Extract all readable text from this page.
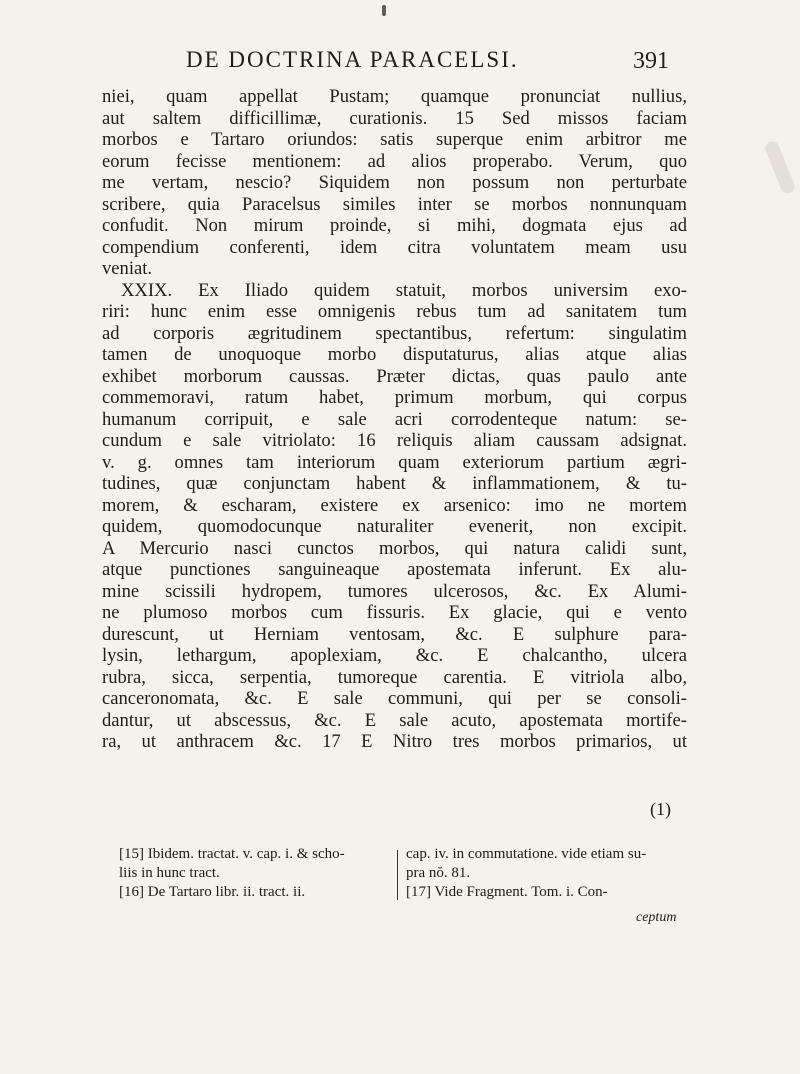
DE DOCTRINA PARACELSI.	391
niei, quam appellat Pustam; quamque pronunciat nullius,
aut saltem difficillimæ, curationis. 15 Sed missos faciam
morbos e Tartaro oriundos: satis superque enim arbitror me
eorum fecisse mentionem: ad alios properabo. Verum, quo
me vertam, nescio? Siquidem non possum non perturbate
scribere, quia Paracelsus similes inter se morbos nonnunquam
confudit. Non mirum proinde, si mihi, dogmata ejus ad
compendium conferenti, idem citra voluntatem meam usu
veniat.
XXIX. Ex Iliado quidem statuit, morbos universim exo-
riri: hunc enim esse omnigenis rebus tum ad sanitatem tum
ad corporis ægritudinem spectantibus, refertum: singulatim
tamen de unoquoque morbo disputaturus, alias atque alias
exhibet morborum caussas. Præter dictas, quas paulo ante
commemoravi, ratum habet, primum morbum, qui corpus
humanum corripuit, e sale acri corrodenteque natum: se-
cundum e sale vitriolato: 16 reliquis aliam caussam adsignat.
v. g. omnes tam interiorum quam exteriorum partium ægri-
tudines, quæ conjunctam habent & inflammationem, & tu-
morem, & escharam, existere ex arsenico: imo ne mortem
quidem, quomodocunque naturaliter evenerit, non excipit.
A Mercurio nasci cunctos morbos, qui natura calidi sunt,
atque punctiones sanguineaque apostemata inferunt. Ex alu-
mine scissili hydropem, tumores ulcerosos, &c. Ex Alumi-
ne plumoso morbos cum fissuris. Ex glacie, qui e vento
durescunt, ut Herniam ventosam, &c. E sulphure para-
lysin, lethargum, apoplexiam, &c. E chalcantho, ulcera
rubra, sicca, serpentia, tumoreque carentia. E vitriola albo,
canceronomata, &c. E sale communi, qui per se consoli-
dantur, ut abscessus, &c. E sale acuto, apostemata mortife-
ra, ut anthracem &c. 17 E Nitro tres morbos primarios, ut
(1)
[15] Ibidem. tractat. v. cap. i. & scho-
liis in hunc tract.
[16] De Tartaro libr. ii. tract. ii.
cap. iv. in commutatione. vide etiam su-
pra nŏ. 81.
[17] Vide Fragment. Tom. i. Con-
ceptum
